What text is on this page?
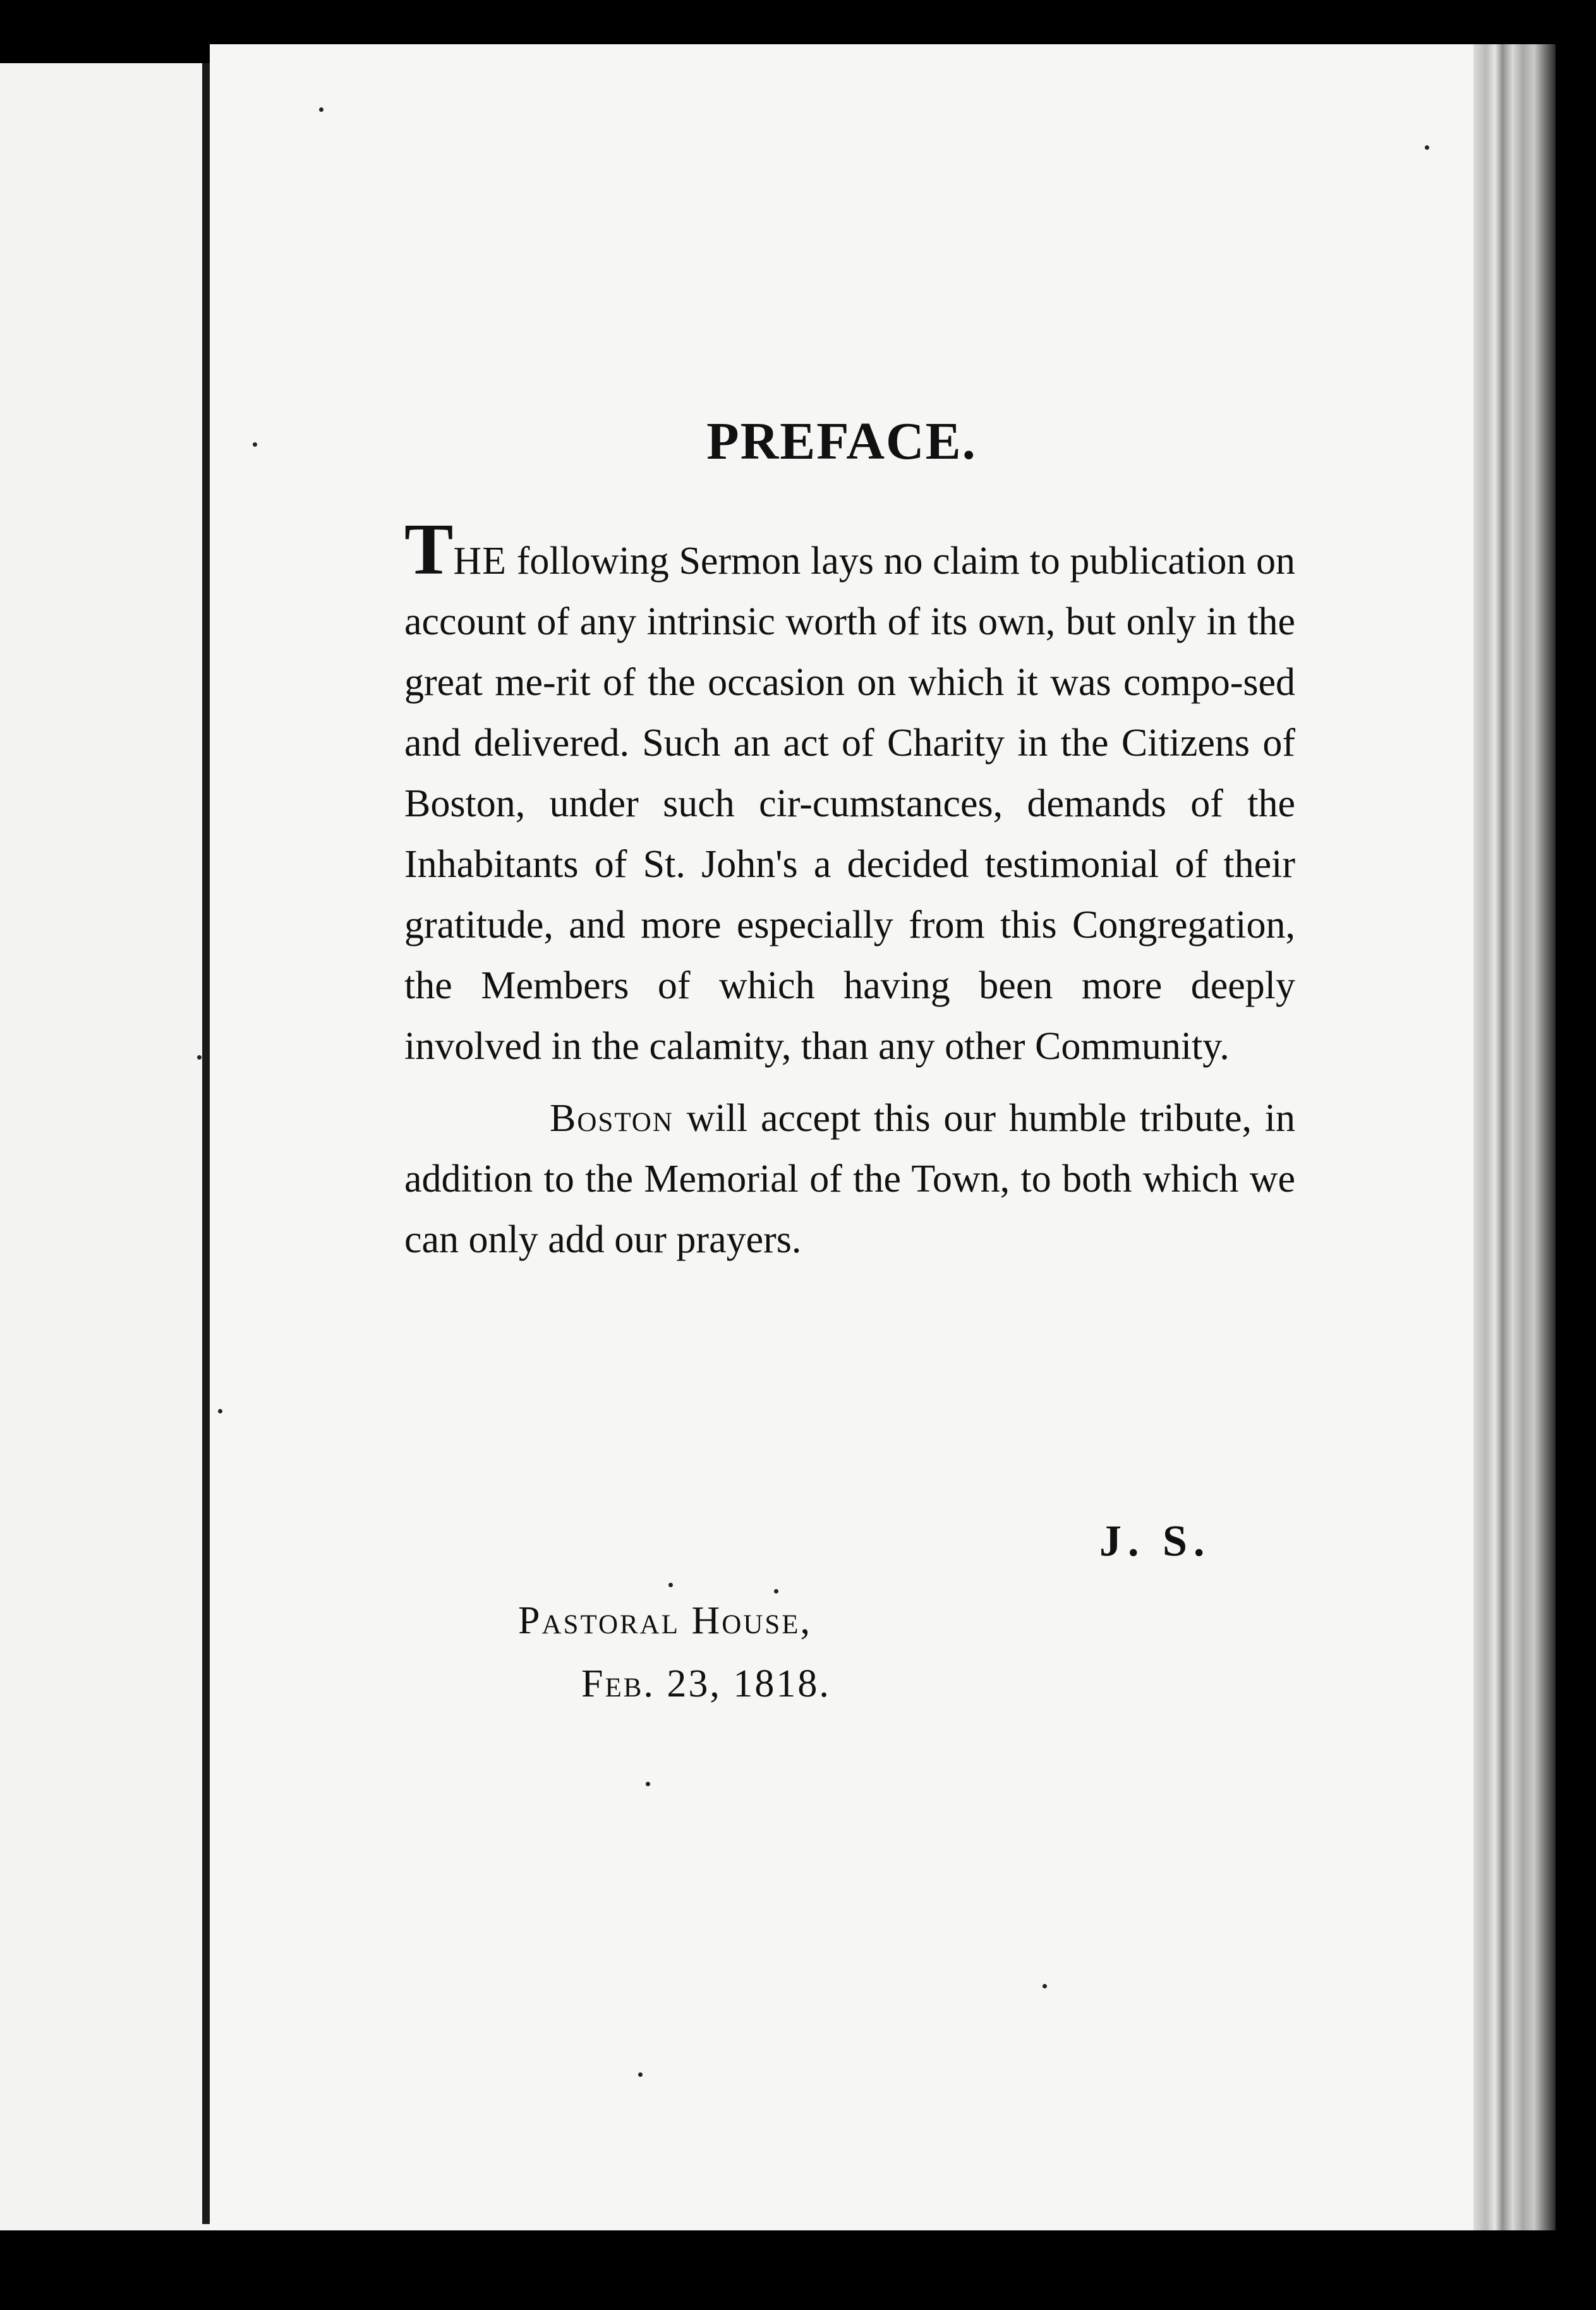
PREFACE.

THE following Sermon lays no claim to publication on account of any intrinsic worth of its own, but only in the great me-rit of the occasion on which it was compo-sed and delivered. Such an act of Charity in the Citizens of Boston, under such cir-cumstances, demands of the Inhabitants of St. John's a decided testimonial of their gratitude, and more especially from this Congregation, the Members of which having been more deeply involved in the calamity, than any other Community.

Boston will accept this our humble tribute, in addition to the Memorial of the Town, to both which we can only add our prayers.

J. S.
Pastoral House,
Feb. 23, 1818.
